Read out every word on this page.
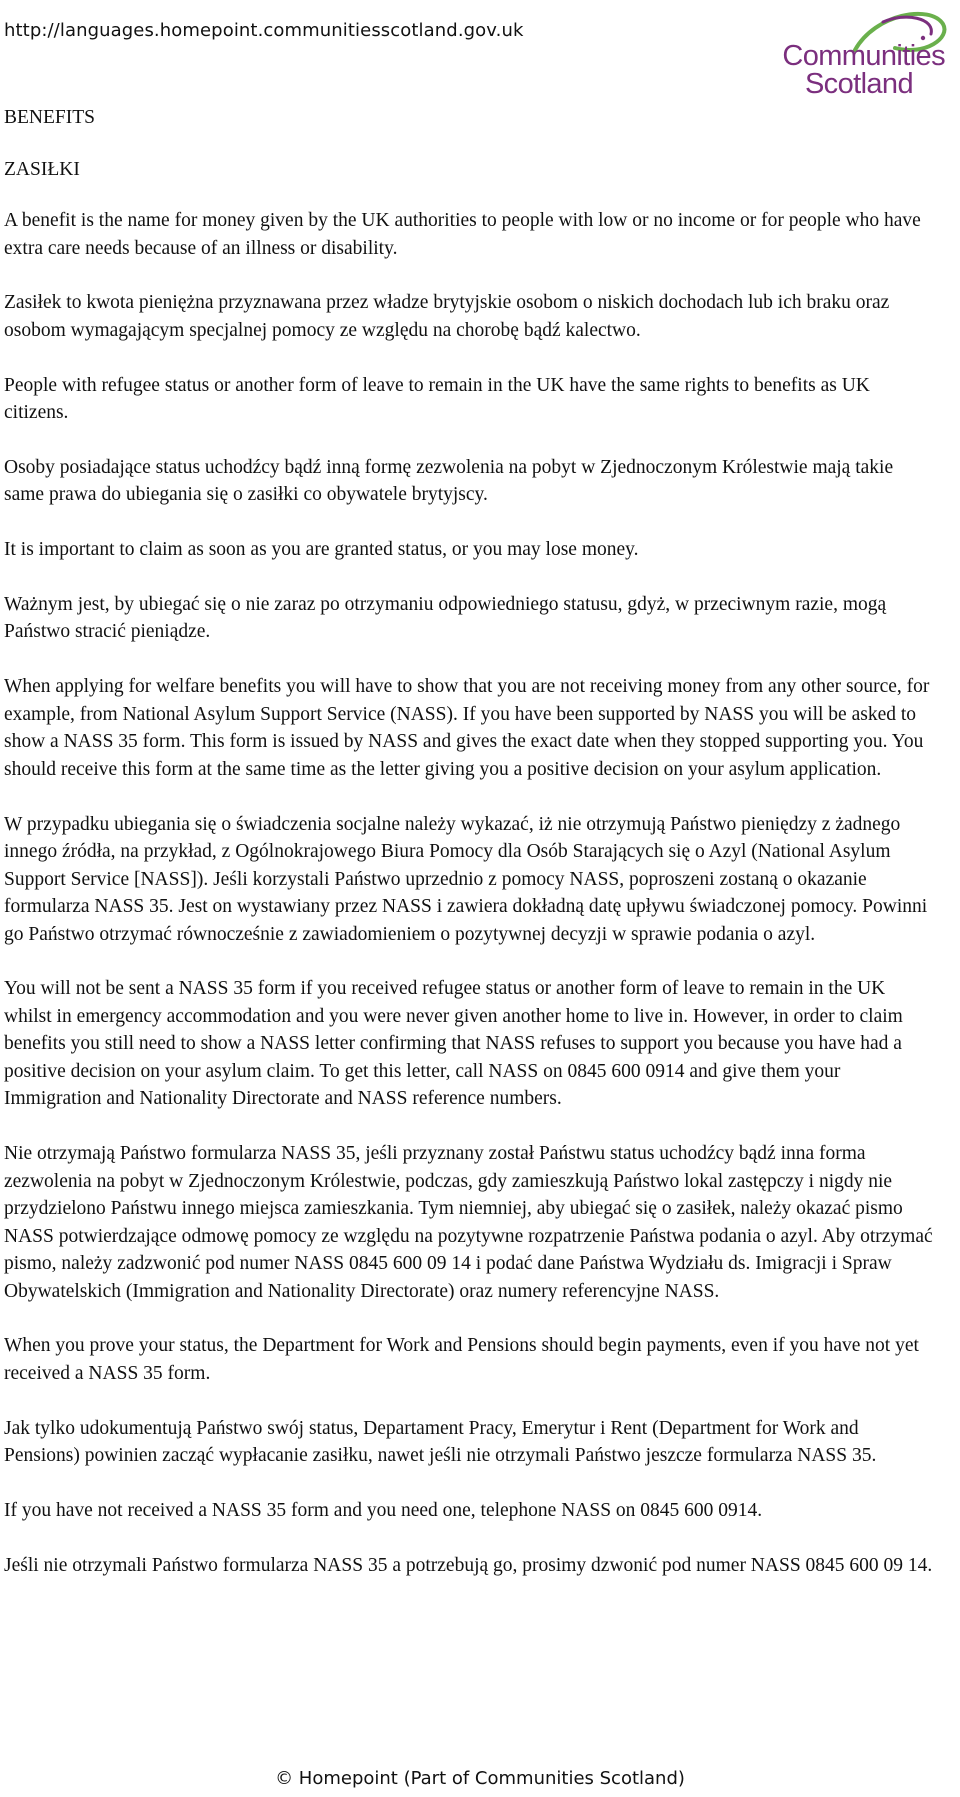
http://languages.homepoint.communitiesscotland.gov.uk
Communities
Scotland
BENEFITS
ZASIŁKI

A benefit is the name for money given by the UK authorities to people with low or no income or for people who have extra care needs because of an illness or disability.

Zasiłek to kwota pieniężna przyznawana przez władze brytyjskie osobom o niskich dochodach lub ich braku oraz osobom wymagającym specjalnej pomocy ze względu na chorobę bądź kalectwo.

People with refugee status or another form of leave to remain in the UK have the same rights to benefits as UK citizens.

Osoby posiadające status uchodźcy bądź inną formę zezwolenia na pobyt w Zjednoczonym Królestwie mają takie same prawa do ubiegania się o zasiłki co obywatele brytyjscy.

It is important to claim as soon as you are granted status, or you may lose money.

Ważnym jest, by ubiegać się o nie zaraz po otrzymaniu odpowiedniego statusu, gdyż, w przeciwnym razie, mogą Państwo stracić pieniądze.

When applying for welfare benefits you will have to show that you are not receiving money from any other source, for example, from National Asylum Support Service (NASS). If you have been supported by NASS you will be asked to show a NASS 35 form. This form is issued by NASS and gives the exact date when they stopped supporting you. You should receive this form at the same time as the letter giving you a positive decision on your asylum application.

W przypadku ubiegania się o świadczenia socjalne należy wykazać, iż nie otrzymują Państwo pieniędzy z żadnego innego źródła, na przykład, z Ogólnokrajowego Biura Pomocy dla Osób Starających się o Azyl (National Asylum Support Service [NASS]). Jeśli korzystali Państwo uprzednio z pomocy NASS, poproszeni zostaną o okazanie formularza NASS 35. Jest on wystawiany przez NASS i zawiera dokładną datę upływu świadczonej pomocy. Powinni go Państwo otrzymać równocześnie z zawiadomieniem o pozytywnej decyzji w sprawie podania o azyl.

You will not be sent a NASS 35 form if you received refugee status or another form of leave to remain in the UK whilst in emergency accommodation and you were never given another home to live in. However, in order to claim benefits you still need to show a NASS letter confirming that NASS refuses to support you because you have had a positive decision on your asylum claim. To get this letter, call NASS on 0845 600 0914 and give them your Immigration and Nationality Directorate and NASS reference numbers.

Nie otrzymają Państwo formularza NASS 35, jeśli przyznany został Państwu status uchodźcy bądź inna forma zezwolenia na pobyt w Zjednoczonym Królestwie, podczas, gdy zamieszkują Państwo lokal zastępczy i nigdy nie przydzielono Państwu innego miejsca zamieszkania. Tym niemniej, aby ubiegać się o zasiłek, należy okazać pismo NASS potwierdzające odmowę pomocy ze względu na pozytywne rozpatrzenie Państwa podania o azyl. Aby otrzymać pismo, należy zadzwonić pod numer NASS 0845 600 09 14 i podać dane Państwa Wydziału ds. Imigracji i Spraw Obywatelskich (Immigration and Nationality Directorate) oraz numery referencyjne NASS.

When you prove your status, the Department for Work and Pensions should begin payments, even if you have not yet received a NASS 35 form.

Jak tylko udokumentują Państwo swój status, Departament Pracy, Emerytur i Rent (Department for Work and Pensions) powinien zacząć wypłacanie zasiłku, nawet jeśli nie otrzymali Państwo jeszcze formularza NASS 35.

If you have not received a NASS 35 form and you need one, telephone NASS on 0845 600 0914.

Jeśli nie otrzymali Państwo formularza NASS 35 a potrzebują go, prosimy dzwonić pod numer NASS 0845 600 09 14.

© Homepoint (Part of Communities Scotland)
